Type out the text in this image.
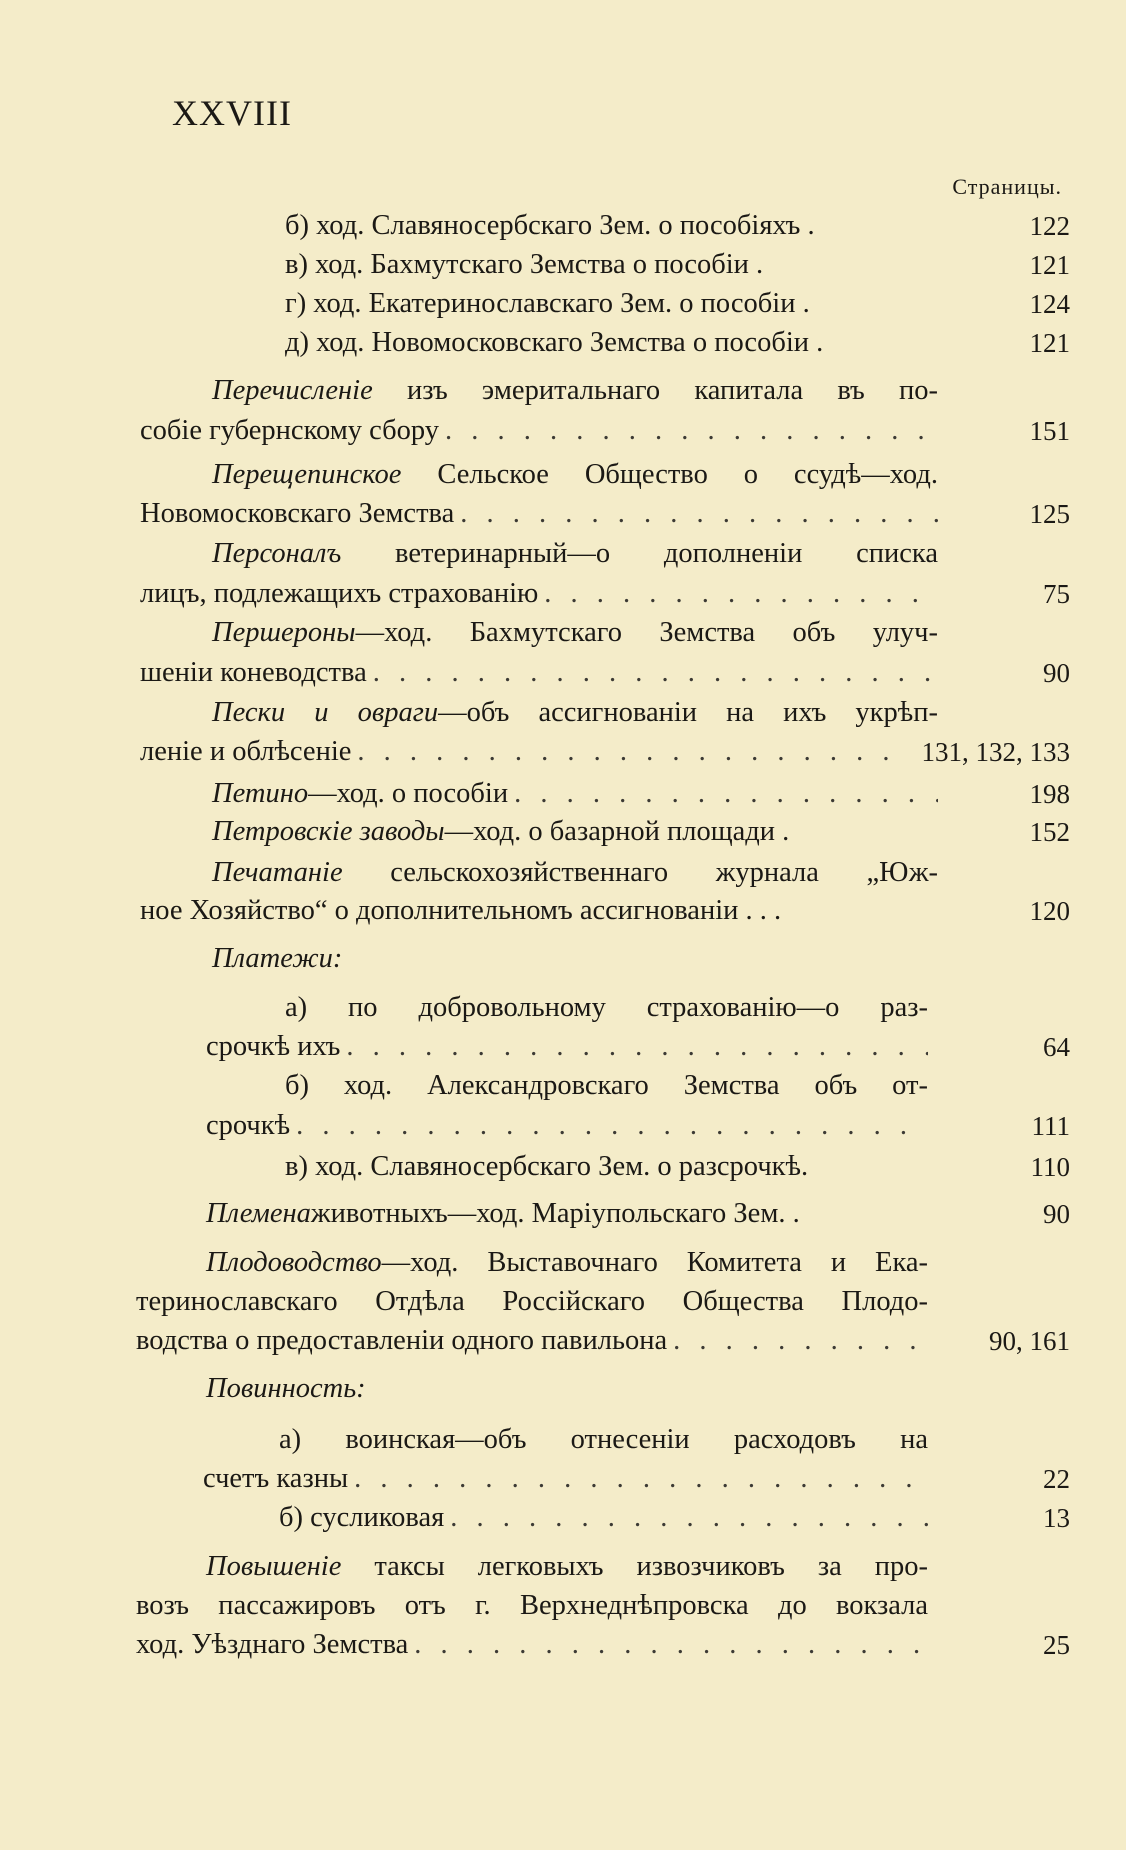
XXVIII
Страницы.
б) ход. Славяносербскаго Зем. о пособіяхъ .	122
в) ход. Бахмутскаго Земства о пособіи .	121
г) ход. Екатеринославскаго Зем. о пособіи .	124
д) ход. Новомосковскаго Земства о пособіи .	121
Перечисленіе изъ эмеритальнаго капитала въ по-
собіе губернскому сбору . . .	151
Перещепинское Сельское Общество о ссудѣ—ход.
Новомосковскаго Земства . . .	125
Персоналъ ветеринарный—о дополненіи списка
лицъ, подлежащихъ страхованію . . .	75
Першероны—ход. Бахмутскаго Земства объ улуч-
шеніи коневодства . . .	90
Пески и овраги—объ ассигнованіи на ихъ укрѣп-
леніе и облѣсеніе . . .	131, 132, 133
Петино —ход. о пособіи . . .	198
Петровскіе заводы —ход. о базарной площади .	152
Печатаніе сельскохозяйственнаго журнала „Юж-
ное Хозяйство“ о дополнительномъ ассигнованіи . . .	120
Платежи:
а) по добровольному страхованію—о раз-
срочкѣ ихъ . . .	64
б) ход. Александровскаго Земства объ от-
срочкѣ . . .	111
в) ход. Славяносербскаго Зем. о разсрочкѣ.	110
Племена животныхъ—ход. Маріупольскаго Зем. .	90
Плодоводство—ход. Выставочнаго Комитета и Ека-
теринославскаго Отдѣла Россійскаго Общества Плодо-
водства о предоставленіи одного павильона . . .	90, 161
Повинность:
а) воинская—объ отнесеніи расходовъ на
счетъ казны . . .	22
б) сусликовая . . .	13
Повышеніе таксы легковыхъ извозчиковъ за про-
возъ пассажировъ отъ г. Верхнеднѣпровска до вокзала
ход. Уѣзднаго Земства . . .	25
